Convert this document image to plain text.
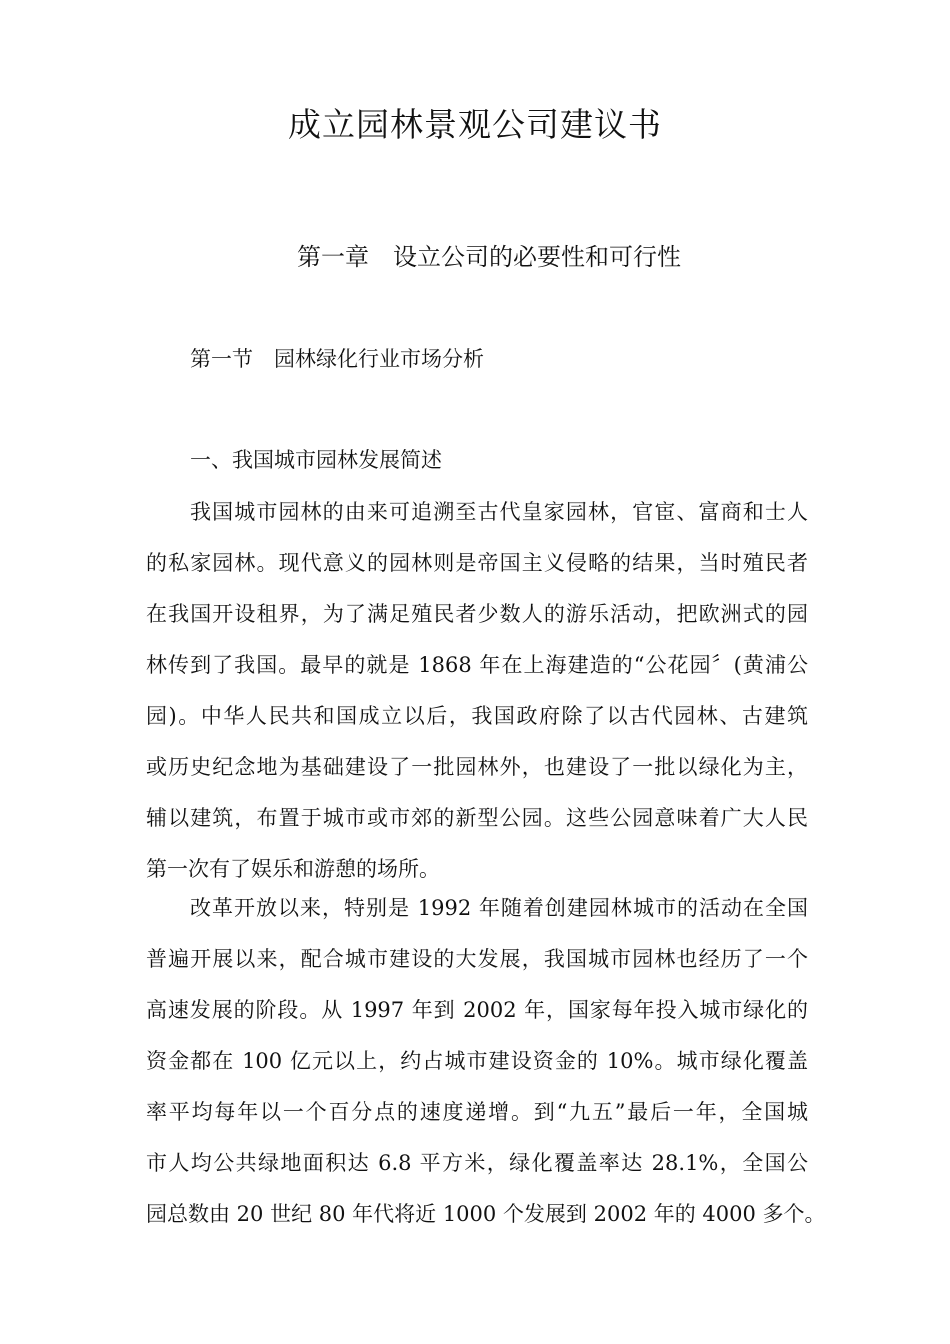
成立园林景观公司建议书
第一章　设立公司的必要性和可行性
第一节　园林绿化行业市场分析
一、我国城市园林发展简述
我国城市园林的由来可追溯至古代皇家园林，官宦、富商和士人
的私家园林。现代意义的园林则是帝国主义侵略的结果，当时殖民者
在我国开设租界，为了满足殖民者少数人的游乐活动，把欧洲式的园
林传到了我国。最早的就是 1868 年在上海建造的“公花园〞(黄浦公
园)。中华人民共和国成立以后，我国政府除了以古代园林、古建筑
或历史纪念地为基础建设了一批园林外，也建设了一批以绿化为主，
辅以建筑，布置于城市或市郊的新型公园。这些公园意味着广大人民
第一次有了娱乐和游憩的场所。
改革开放以来，特别是 1992 年随着创建园林城市的活动在全国
普遍开展以来，配合城市建设的大发展，我国城市园林也经历了一个
高速发展的阶段。从 1997 年到 2002 年，国家每年投入城市绿化的
资金都在 100 亿元以上，约占城市建设资金的 10%。城市绿化覆盖
率平均每年以一个百分点的速度递增。到“九五”最后一年，全国城
市人均公共绿地面积达 6.8 平方米，绿化覆盖率达 28.1%，全国公
园总数由 20 世纪 80 年代将近 1000 个发展到 2002 年的 4000 多个。
